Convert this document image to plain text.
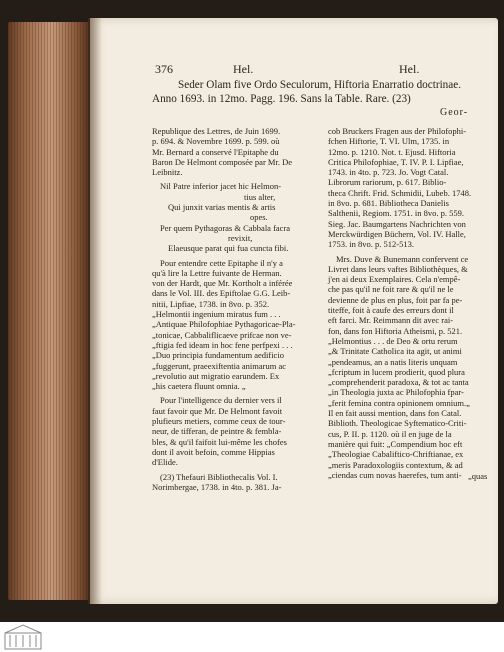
376	Hel.	Hel.
Seder Olam five Ordo Seculorum, Hiftoria Enarratio doctrinae.
Anno 1693. in 12mo. Pagg. 196. Sans la Table. Rare. (23)
Geor-
Republique des Lettres, de Juin 1699.
p. 694. & Novembre 1699. p. 599. où
Mr. Bernard a conservé l'Epitaphe du
Baron De Helmont composée par Mr. De
Leibnitz.
Nil Patre inferior jacet hic Helmon-
tius alter,
Qui junxit varias mentis & artis
opes.
Per quem Pythagoras & Cabbala facra
revixit,
Elaeusque parat qui fua cuncta fibi.
Pour entendre cette Epitaphe il n'y a
qu'à lire la Lettre fuivante de Herman.
von der Hardt, que Mr. Kortholt a inférée
dans le Vol. III. des Epiftolae G.G. Leib-
nitii, Lipfiae, 1738. in 8vo. p. 352.
„Helmontii ingenium miratus fum . . .
„Antiquae Philofophiae Pythagoricae-Pla-
„tonicae, Cabbaliflicaeve prifcae non ve-
„ftigia fed ideam in hoc fene perfpexi . . .
„Duo principia fundamentum aedificio
„fuggerunt, praeexiftentia animarum ac
„revolutio aut migratio earundem. Ex
„his caetera fluunt omnia. „
Pour l'intelligence du dernier vers il
faut favoir que Mr. De Helmont favoit
plufieurs metiers, comme ceux de tour-
neur, de tifferan, de peintre & fembla-
bles, & qu'il faifoit lui-même les chofes
dont il avoit befoin, comme Hippias
d'Elide.
(23) Thefauri Bibliothecalis Vol. I.
Norimbergae, 1738. in 4to. p. 381. Ja-
cob Bruckers Fragen aus der Philofophi-
fchen Hiftorie, T. VI. Ulm, 1735. in
12mo. p. 1210. Not. t. Ejusd. Hiftoria
Critica Philofophiae, T. IV. P. I. Lipfiae,
1743. in 4to. p. 723. Jo. Vogt Catal.
Librorum rariorum, p. 617. Biblio-
theca Chrift. Frid. Schmidii, Lubeb. 1748.
in 8vo. p. 681. Bibliotheca Danielis
Salthenii, Regiom. 1751. in 8vo. p. 559.
Sieg. Jac. Baumgartens Nachrichten von
Merckwürdigen Büchern, Vol. IV. Halle,
1753. in 8vo. p. 512-513.
Mrs. Duve & Bunemann confervent ce
Livret dans leurs vaftes Bibliothèques, &
j'en ai deux Exemplaires. Cela n'empê-
che pas qu'il ne foit rare & qu'il ne le
devienne de plus en plus, foit par fa pe-
titeffe, foit à caufe des erreurs dont il
eft farci. Mr. Reimmann dit avec rai-
fon, dans fon Hiftoria Atheismi, p. 521.
„Helmontius . . . de Deo & ortu rerum
„& Trinitate Catholica ita agit, ut animi
„pendeamus, an a natis literis unquam
„fcriptum in lucem prodierit, quod plura
„comprehenderit paradoxa, & tot ac tanta
„in Theologia juxta ac Philofophia fpar-
„ferit femina contra opinionem omnium.„
Il en fait aussi mention, dans fon Catal.
Biblioth. Theologicae Syftematico-Criti-
cus, P. II. p. 1120. où il en juge de la
manière qui fuit: „Compendium hoc eft
„Theologiae Cabaliftico-Chriftianae, ex
„meris Paradoxologiis contextum, & ad
„ciendas cum novas haerefes, tum anti- „quas
